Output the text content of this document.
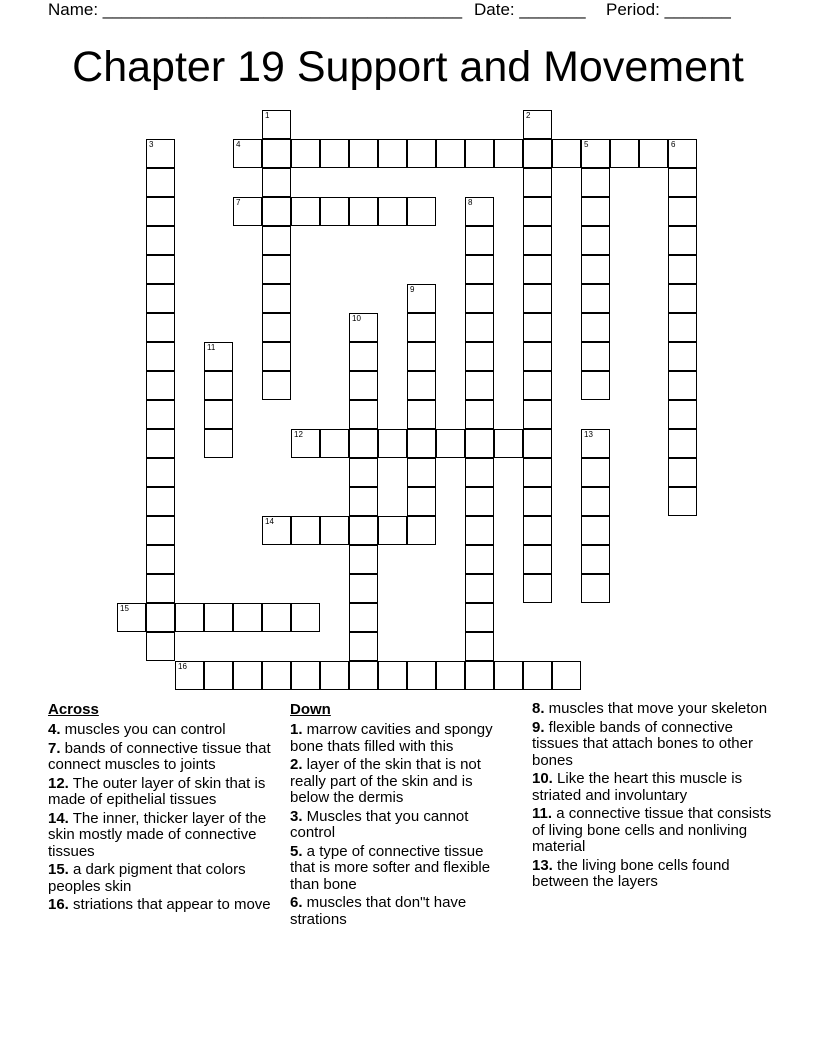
Name: ______________________________________ Date: _______ Period: _______
Chapter 19 Support and Movement
1	2
3	4	5	6
7	8
9
10
11
12	13
14
15
16
Across
4. muscles you can control
7. bands of connective tissue that connect muscles to joints
12. The outer layer of skin that is made of epithelial tissues
14. The inner, thicker layer of the skin mostly made of connective tissues
15. a dark pigment that colors peoples skin
16. striations that appear to move
Down
1. marrow cavities and spongy bone thats filled with this
2. layer of the skin that is not really part of the skin and is below the dermis
3. Muscles that you cannot control
5. a type of connective tissue that is more softer and flexible than bone
6. muscles that don"t have strations
8. muscles that move your skeleton
9. flexible bands of connective tissues that attach bones to other bones
10. Like the heart this muscle is striated and involuntary
11. a connective tissue that consists of living bone cells and nonliving material
13. the living bone cells found between the layers
